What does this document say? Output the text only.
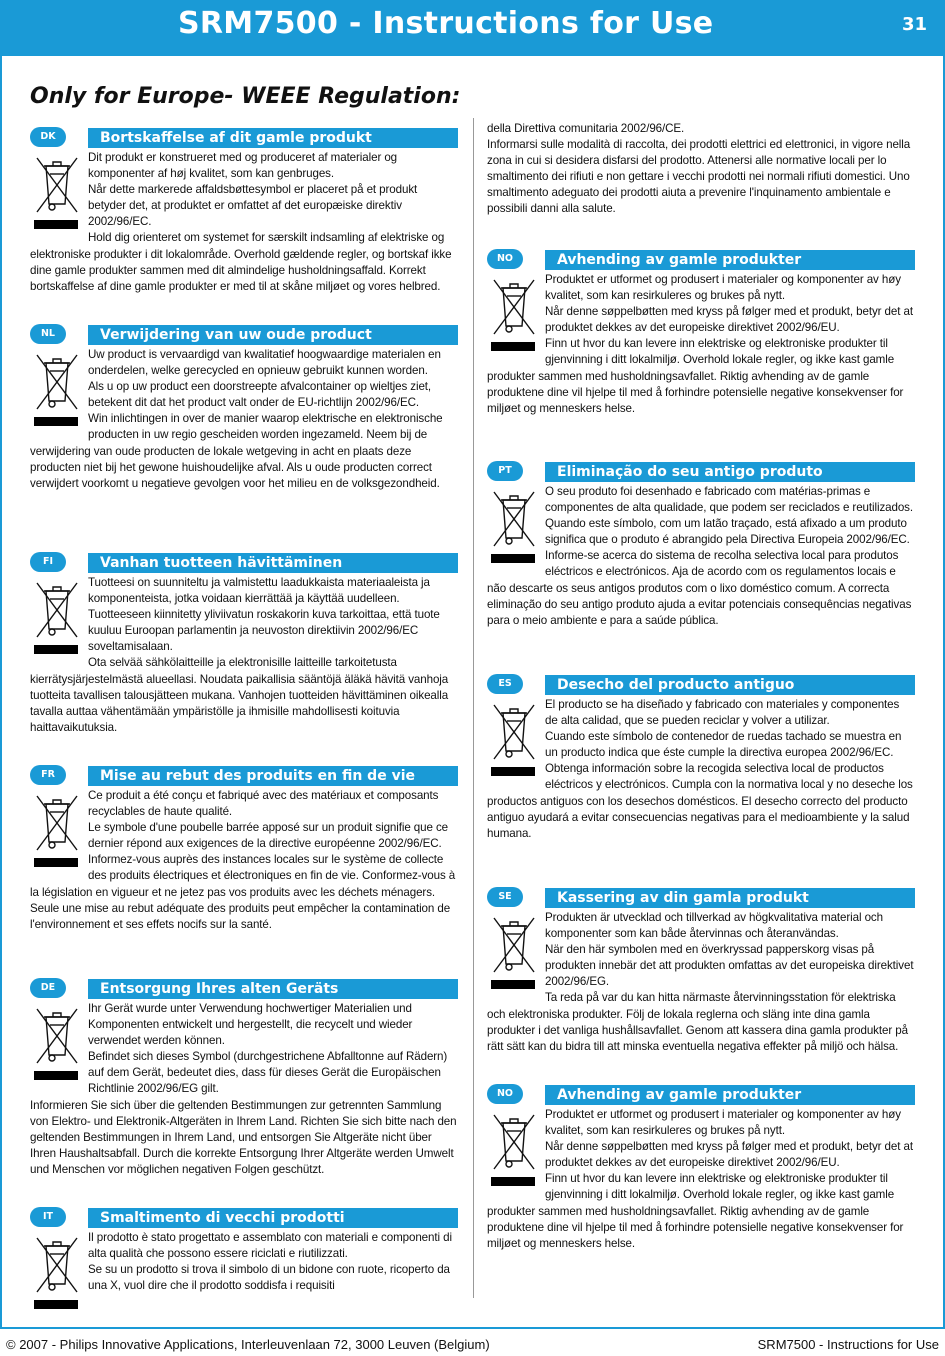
SRM7500 - Instructions for Use	31
Only for Europe- WEEE Regulation:
DK	Bortskaffelse af dit gamle produkt

Dit produkt er konstrueret med og produceret af materialer og komponenter af høj kvalitet, som kan genbruges.
Når dette markerede affaldsbøttesymbol er placeret på et produkt betyder det, at produktet er omfattet af det europæiske direktiv 2002/96/EC.
Hold dig orienteret om systemet for særskilt indsamling af elektriske og elektroniske produkter i dit lokalområde. Overhold gældende regler, og bortskaf ikke dine gamle produkter sammen med dit almindelige husholdningsaffald. Korrekt bortskaffelse af dine gamle produkter er med til at skåne miljøet og vores helbred.

NL	Verwijdering van uw oude product

Uw product is vervaardigd van kwalitatief hoogwaardige materialen en onderdelen, welke gerecycled en opnieuw gebruikt kunnen worden.
Als u op uw product een doorstreepte afvalcontainer op wieltjes ziet, betekent dit dat het product valt onder de EU-richtlijn 2002/96/EC.
Win inlichtingen in over de manier waarop elektrische en elektronische producten in uw regio gescheiden worden ingezameld. Neem bij de verwijdering van oude producten de lokale wetgeving in acht en plaats deze producten niet bij het gewone huishoudelijke afval. Als u oude producten correct verwijdert voorkomt u negatieve gevolgen voor het milieu en de volksgezondheid.

FI	Vanhan tuotteen hävittäminen

Tuotteesi on suunniteltu ja valmistettu laadukkaista materiaaleista ja komponenteista, jotka voidaan kierrättää ja käyttää uudelleen.
Tuotteeseen kiinnitetty yliviivatun roskakorin kuva tarkoittaa, että tuote kuuluu Euroopan parlamentin ja neuvoston direktiivin 2002/96/EC soveltamisalaan.
Ota selvää sähkölaitteille ja elektronisille laitteille tarkoitetusta kierrätysjärjestelmästä alueellasi. Noudata paikallisia sääntöjä äläkä hävitä vanhoja tuotteita tavallisen talousjätteen mukana. Vanhojen tuotteiden hävittäminen oikealla tavalla auttaa vähentämään ympäristölle ja ihmisille mahdollisesti koituvia haittavaikutuksia.

FR	Mise au rebut des produits en fin de vie

Ce produit a été conçu et fabriqué avec des matériaux et composants recyclables de haute qualité.
Le symbole d'une poubelle barrée apposé sur un produit signifie que ce dernier répond aux exigences de la directive européenne 2002/96/EC.
Informez-vous auprès des instances locales sur le système de collecte des produits électriques et électroniques en fin de vie. Conformez-vous à la législation en vigueur et ne jetez pas vos produits avec les déchets ménagers. Seule une mise au rebut adéquate des produits peut empêcher la contamination de l'environnement et ses effets nocifs sur la santé.

DE	Entsorgung Ihres alten Geräts

Ihr Gerät wurde unter Verwendung hochwertiger Materialien und Komponenten entwickelt und hergestellt, die recycelt und wieder verwendet werden können.
Befindet sich dieses Symbol (durchgestrichene Abfalltonne auf Rädern) auf dem Gerät, bedeutet dies, dass für dieses Gerät die Europäischen Richtlinie 2002/96/EG gilt.
Informieren Sie sich über die geltenden Bestimmungen zur getrennten Sammlung von Elektro- und Elektronik-Altgeräten in Ihrem Land. Richten Sie sich bitte nach den geltenden Bestimmungen in Ihrem Land, und entsorgen Sie Altgeräte nicht über Ihren Haushaltsabfall. Durch die korrekte Entsorgung Ihrer Altgeräte werden Umwelt und Menschen vor möglichen negativen Folgen geschützt.

IT	Smaltimento di vecchi prodotti

Il prodotto è stato progettato e assemblato con materiali e componenti di alta qualità che possono essere riciclati e riutilizzati.
Se su un prodotto si trova il simbolo di un bidone con ruote, ricoperto da una X, vuol dire che il prodotto soddisfa i requisiti

della Direttiva comunitaria 2002/96/CE.
Informarsi sulle modalità di raccolta, dei prodotti elettrici ed elettronici, in vigore nella zona in cui si desidera disfarsi del prodotto. Attenersi alle normative locali per lo smaltimento dei rifiuti e non gettare i vecchi prodotti nei normali rifiuti domestici. Uno smaltimento adeguato dei prodotti aiuta a prevenire l'inquinamento ambientale e possibili danni alla salute.
NO	Avhending av gamle produkter

Produktet er utformet og produsert i materialer og komponenter av høy kvalitet, som kan resirkuleres og brukes på nytt.
Når denne søppelbøtten med kryss på følger med et produkt, betyr det at produktet dekkes av det europeiske direktivet 2002/96/EU.
Finn ut hvor du kan levere inn elektriske og elektroniske produkter til gjenvinning i ditt lokalmiljø. Overhold lokale regler, og ikke kast gamle produkter sammen med husholdningsavfallet. Riktig avhending av de gamle produktene dine vil hjelpe til med å forhindre potensielle negative konsekvenser for miljøet og menneskers helse.

PT	Eliminação do seu antigo produto

O seu produto foi desenhado e fabricado com matérias-primas e componentes de alta qualidade, que podem ser reciclados e reutilizados.
Quando este símbolo, com um latão traçado, está afixado a um produto significa que o produto é abrangido pela Directiva Europeia 2002/96/EC.
Informe-se acerca do sistema de recolha selectiva local para produtos eléctricos e electrónicos. Aja de acordo com os regulamentos locais e não descarte os seus antigos produtos com o lixo doméstico comum. A correcta eliminação do seu antigo produto ajuda a evitar potenciais consequências negativas para o meio ambiente e para a saúde pública.

ES	Desecho del producto antiguo

El producto se ha diseñado y fabricado con materiales y componentes de alta calidad, que se pueden reciclar y volver a utilizar.
Cuando este símbolo de contenedor de ruedas tachado se muestra en un producto indica que éste cumple la directiva europea 2002/96/EC.
Obtenga información sobre la recogida selectiva local de productos eléctricos y electrónicos. Cumpla con la normativa local y no deseche los productos antiguos con los desechos domésticos. El desecho correcto del producto antiguo ayudará a evitar consecuencias negativas para el medioambiente y la salud humana.

SE	Kassering av din gamla produkt

Produkten är utvecklad och tillverkad av högkvalitativa material och komponenter som kan både återvinnas och återanvändas.
När den här symbolen med en överkryssad papperskorg visas på produkten innebär det att produkten omfattas av det europeiska direktivet 2002/96/EG.
Ta reda på var du kan hitta närmaste återvinningsstation för elektriska och elektroniska produkter. Följ de lokala reglerna och släng inte dina gamla produkter i det vanliga hushållsavfallet. Genom att kassera dina gamla produkter på rätt sätt kan du bidra till att minska eventuella negativa effekter på miljö och hälsa.

NO	Avhending av gamle produkter

Produktet er utformet og produsert i materialer og komponenter av høy kvalitet, som kan resirkuleres og brukes på nytt.
Når denne søppelbøtten med kryss på følger med et produkt, betyr det at produktet dekkes av det europeiske direktivet 2002/96/EU.
Finn ut hvor du kan levere inn elektriske og elektroniske produkter til gjenvinning i ditt lokalmiljø. Overhold lokale regler, og ikke kast gamle produkter sammen med husholdningsavfallet. Riktig avhending av de gamle produktene dine vil hjelpe til med å forhindre potensielle negative konsekvenser for miljøet og menneskers helse.

© 2007 - Philips Innovative Applications, Interleuvenlaan 72, 3000 Leuven (Belgium)	SRM7500 - Instructions for Use
